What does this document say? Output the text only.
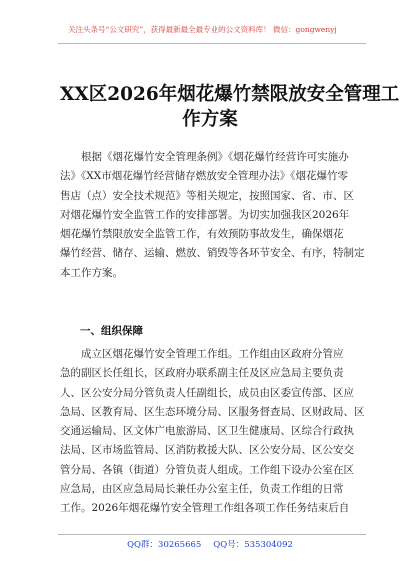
关注头条号“公文研究”，获得最新最全最专业的公文资料库！ 微信：gongwenyj
XX区2026年烟花爆竹禁限放安全管理工
作方案
根据《烟花爆竹安全管理条例》《烟花爆竹经营许可实施办
法》《XX市烟花爆竹经营储存燃放安全管理办法》《烟花爆竹零
售店（点）安全技术规范》等相关规定，按照国家、省、市、区
对烟花爆竹安全监管工作的安排部署。为切实加强我区2026年
烟花爆竹禁限放安全监管工作，有效预防事故发生，确保烟花
爆竹经营、储存、运输、燃放、销毁等各环节安全、有序，特制定
本工作方案。
一、组织保障
成立区烟花爆竹安全管理工作组。工作组由区政府分管应
急的副区长任组长，区政府办联系副主任及区应急局主要负责
人、区公安分局分管负责人任副组长，成员由区委宣传部、区应
急局、区教育局、区生态环境分局、区服务督查局、区财政局、区
交通运输局、区文体广电旅游局、区卫生健康局、区综合行政执
法局、区市场监管局、区消防救援大队、区公安分局、区公安交
管分局、各镇（街道）分管负责人组成。工作组下设办公室在区
应急局，由区应急局局长兼任办公室主任，负责工作组的日常
工作。2026年烟花爆竹安全管理工作组各项工作任务结束后自
QQ群：30265665 QQ号：535304092
